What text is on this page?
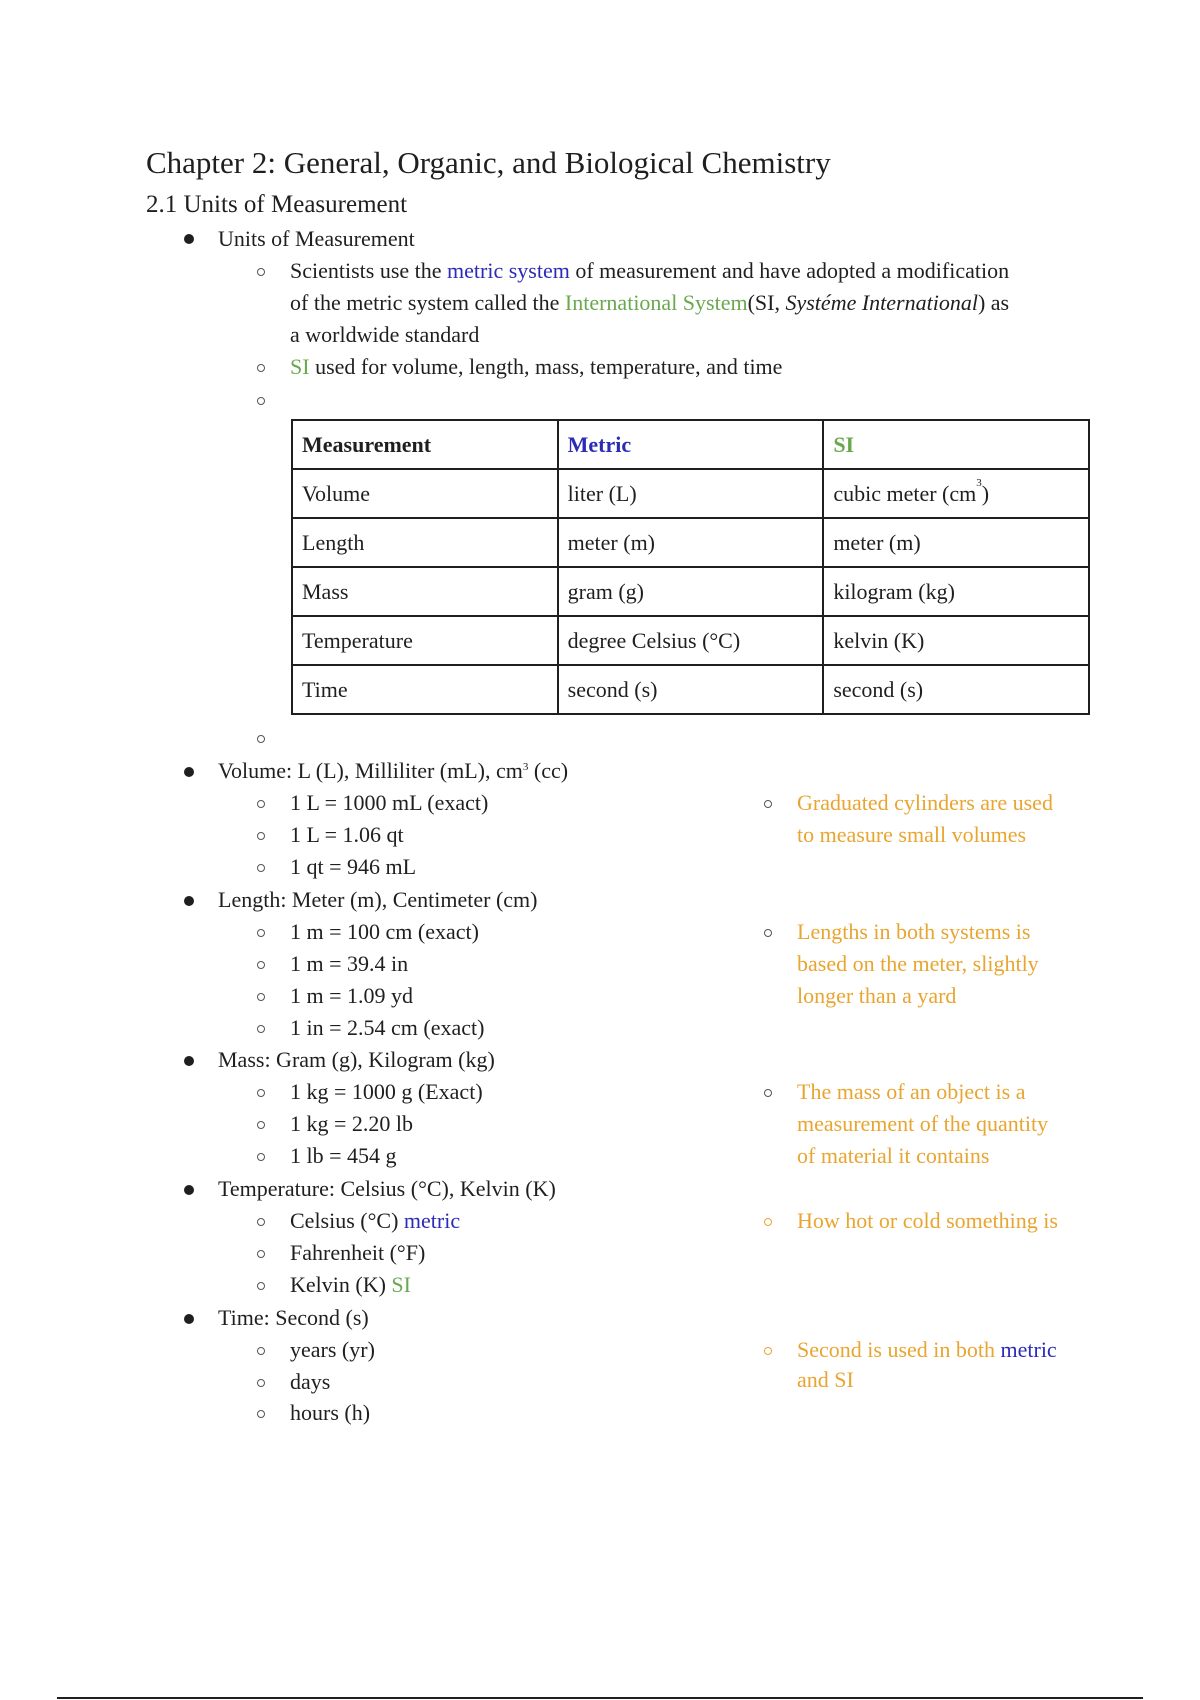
Chapter 2: General, Organic, and Biological Chemistry
2.1 Units of Measurement
Units of Measurement
Scientists use the metric system of measurement and have adopted a modification
of the metric system called the International System(SI, Systéme International) as
a worldwide standard
SI used for volume, length, mass, temperature, and time
Measurement	Metric	SI
Volume	liter (L)	cubic meter $(cm^3)$
Length	meter (m)	meter (m)
Mass	gram (g)	kilogram (kg)
Temperature	degree Celsius (°C)	kelvin (K)
Time	second (s)	second (s)
Volume: L (L), Milliliter (mL), $cm^3$ (cc)
1 L = 1000 mL (exact)
1 L = 1.06 qt
1 qt = 946 mL
Graduated cylinders are used
to measure small volumes
Length: Meter (m), Centimeter (cm)
1 m = 100 cm (exact)
1 m = 39.4 in
1 m = 1.09 yd
1 in = 2.54 cm (exact)
Lengths in both systems is
based on the meter, slightly
longer than a yard
Mass: Gram (g), Kilogram (kg)
1 kg = 1000 g (Exact)
1 kg = 2.20 lb
1 lb = 454 g
The mass of an object is a
measurement of the quantity
of material it contains
Temperature: Celsius (°C), Kelvin (K)
Celsius (°C) metric
Fahrenheit (°F)
Kelvin (K) SI
How hot or cold something is
Time: Second (s)
years (yr)
days
hours (h)
Second is used in both metric
and SI
